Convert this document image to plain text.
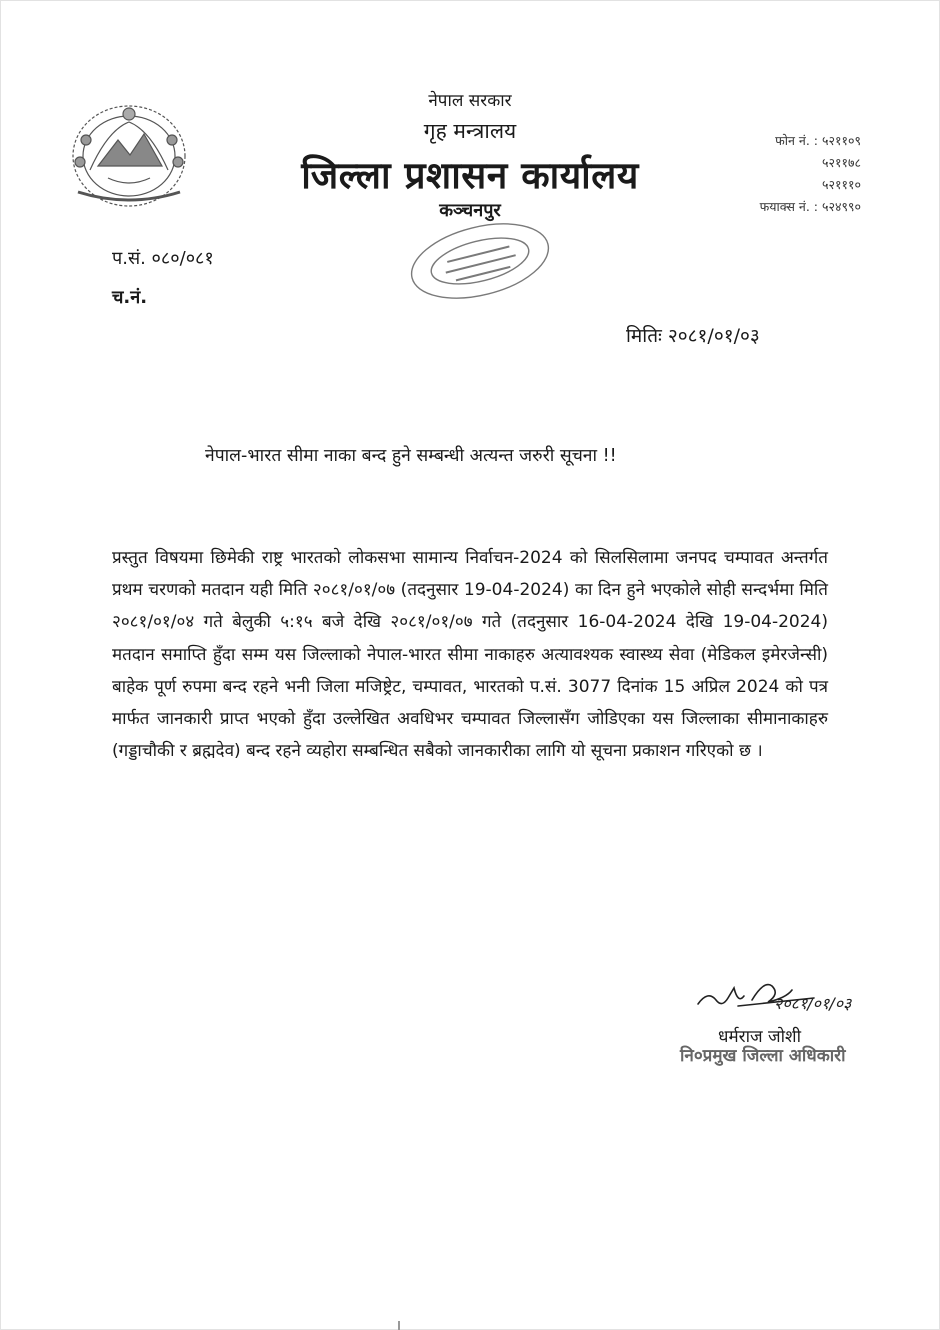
नेपाल सरकार
गृह मन्त्रालय
जिल्ला प्रशासन कार्यालय
कञ्चनपुर
फोन नं. : ५२११०९
५२११७८
५२१११०
फयाक्स नं. : ५२४९९०
प.सं. ०८०/०८१
च.नं.
मितिः २०८१/०१/०३
नेपाल-भारत सीमा नाका बन्द हुने सम्बन्धी अत्यन्त जरुरी सूचना !!
प्रस्तुत विषयमा छिमेकी राष्ट्र भारतको लोकसभा सामान्य निर्वाचन-2024 को सिलसिलामा जनपद चम्पावत अन्तर्गत प्रथम चरणको मतदान यही मिति २०८१/०१/०७ (तदनुसार 19-04-2024) का दिन हुने भएकोले सोही सन्दर्भमा मिति २०८१/०१/०४ गते बेलुकी ५:१५ बजे देखि २०८१/०१/०७ गते (तदनुसार 16-04-2024 देखि 19-04-2024) मतदान समाप्ति हुँदा सम्म यस जिल्लाको नेपाल-भारत सीमा नाकाहरु अत्यावश्यक स्वास्थ्य सेवा (मेडिकल इमेरजेन्सी) बाहेक पूर्ण रुपमा बन्द रहने भनी जिला मजिष्ट्रेट, चम्पावत, भारतको प.सं. 3077 दिनांक 15 अप्रिल 2024 को पत्र मार्फत जानकारी प्राप्त भएको हुँदा उल्लेखित अवधिभर चम्पावत जिल्लासँग जोडिएका यस जिल्लाका सीमानाकाहरु (गड्डाचौकी र ब्रह्मदेव) बन्द रहने व्यहोरा सम्बन्धित सबैको जानकारीका लागि यो सूचना प्रकाशन गरिएको छ ।
२०८१/०१/०३
धर्मराज जोशी
नि०प्रमुख जिल्ला अधिकारी
